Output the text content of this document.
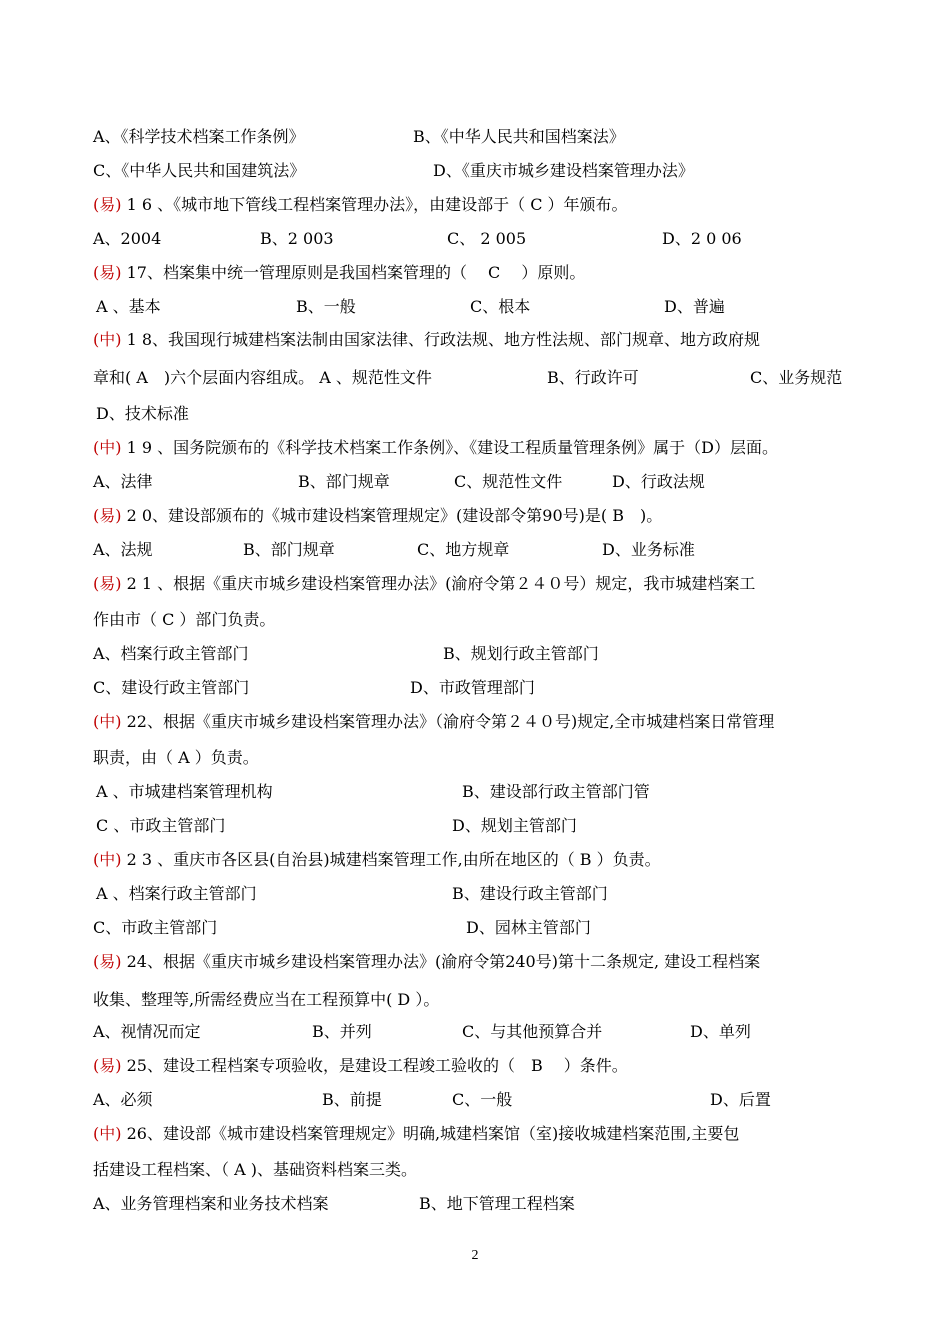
A、《科学技术档案工作条例》	B、《中华人民共和国档案法》
C、《中华人民共和国建筑法》	D、《重庆市城乡建设档案管理办法》
(易) 1 6 、《城市地下管线工程档案管理办法》，由建设部于（ C ）年颁布。
A、2004	B、2 003	C、 2 005	D、2 0 06
(易) 17、档案集中统一管理原则是我国档案管理的（　 C　 ）原则。
A 、基本	B、一般	C、根本	D、普遍
(中) 1 8、我国现行城建档案法制由国家法律、行政法规、地方性法规、部门规章、地方政府规
章和( A　)六个层面内容组成。 A 、规范性文件	B、行政许可	C、业务规范
D、技术标准
(中) 1 9 、国务院颁布的《科学技术档案工作条例》、《建设工程质量管理条例》属于（D）层面。
A、法律	B、部门规章	C、规范性文件	D、行政法规
(易) 2 0、建设部颁布的《城市建设档案管理规定》(建设部令第90号)是( B　)。
A、法规	B、部门规章	C、地方规章	D、业务标准
(易) 2 1 、根据《重庆市城乡建设档案管理办法》(渝府令第２４０号）规定，我市城建档案工
作由市（ C ）部门负责。
A、档案行政主管部门	B、规划行政主管部门
C、建设行政主管部门	D、市政管理部门
(中) 22、根据《重庆市城乡建设档案管理办法》（渝府令第２４０号)规定,全市城建档案日常管理
职责，由（ A ）负责。
A 、市城建档案管理机构	B、建设部行政主管部门管
C 、市政主管部门	D、规划主管部门
(中) 2 3 、重庆市各区县(自治县)城建档案管理工作,由所在地区的（ B ）负责。
A 、档案行政主管部门	B、建设行政主管部门
C、市政主管部门	D、园林主管部门
(易) 24、根据《重庆市城乡建设档案管理办法》(渝府令第240号)第十二条规定, 建设工程档案
收集、整理等,所需经费应当在工程预算中( D ）。
A、视情况而定	B、并列	C、与其他预算合并	D、单列
(易) 25、建设工程档案专项验收，是建设工程竣工验收的（　B　 ）条件。
A、必须	B、前提	C、一般	D、后置
(中) 26、建设部《城市建设档案管理规定》明确,城建档案馆（室)接收城建档案范围,主要包
括建设工程档案、（ A )、基础资料档案三类。
A、业务管理档案和业务技术档案	B、地下管理工程档案
2
